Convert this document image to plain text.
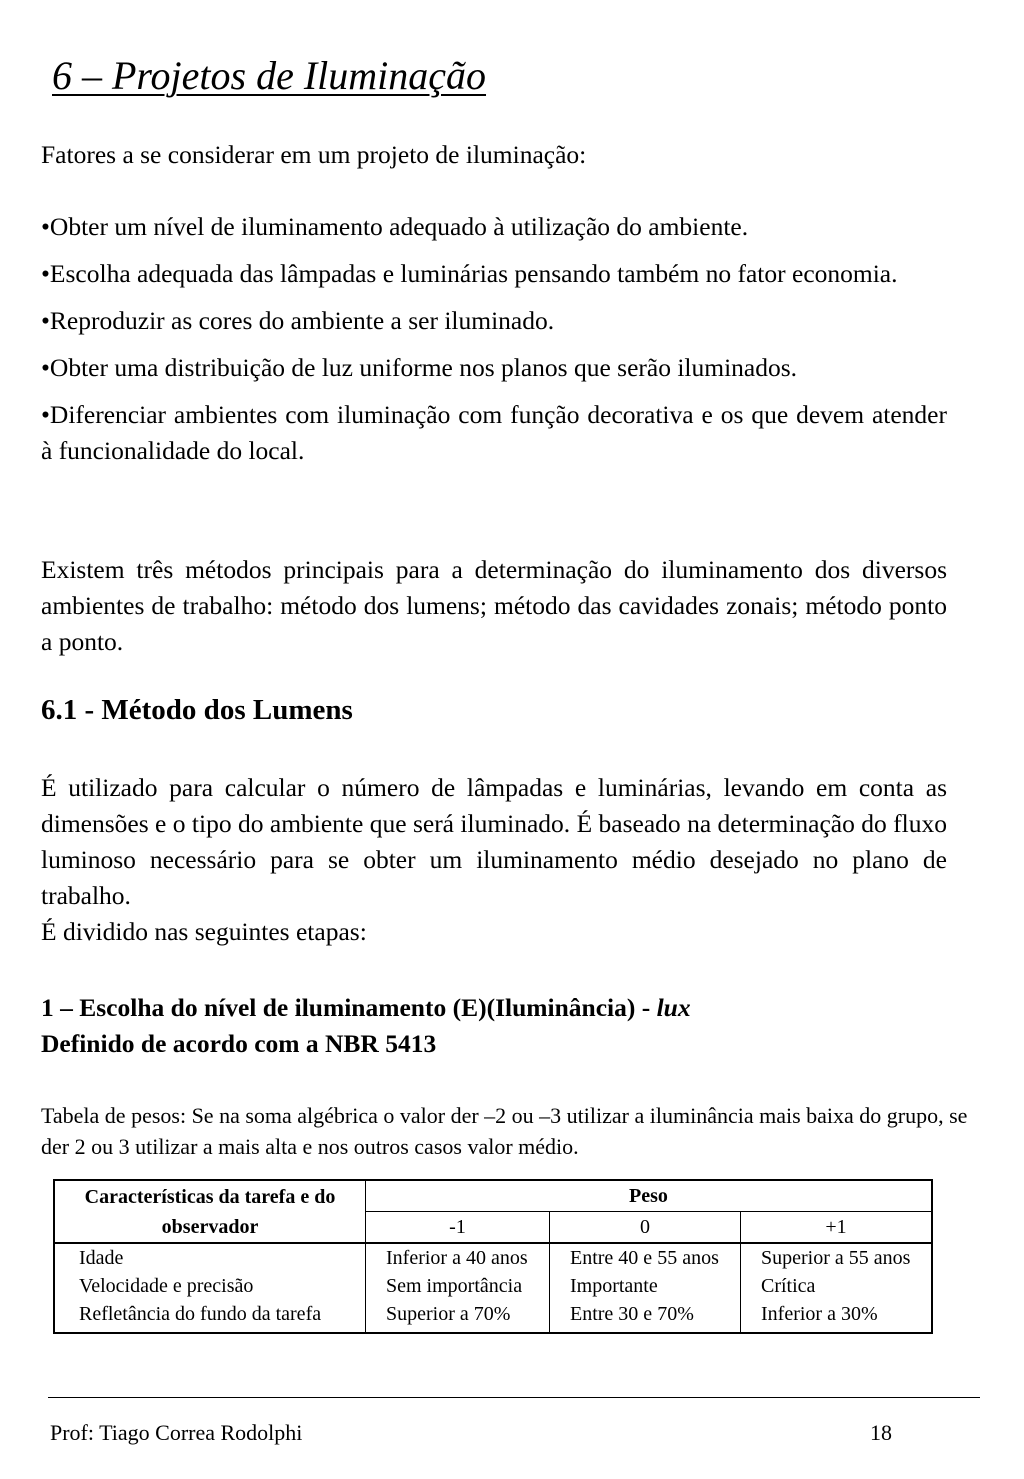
6 – Projetos de Iluminação

Fatores a se considerar em um projeto de iluminação:

•Obter um nível de iluminamento adequado à utilização do ambiente.

•Escolha adequada das lâmpadas e luminárias pensando também no fator economia.

•Reproduzir as cores do ambiente a ser iluminado.

•Obter uma distribuição de luz uniforme nos planos que serão iluminados.

•Diferenciar ambientes com iluminação com função decorativa e os que devem atender à funcionalidade do local.

Existem três métodos principais para a determinação do iluminamento dos diversos ambientes de trabalho: método dos lumens; método das cavidades zonais; método ponto a ponto.

6.1 - Método dos Lumens

É utilizado para calcular o número de lâmpadas e luminárias, levando em conta as dimensões e o tipo do ambiente que será iluminado. É baseado na determinação do fluxo luminoso necessário para se obter um iluminamento médio desejado no plano de trabalho.

É dividido nas seguintes etapas:

1 – Escolha do nível de iluminamento (E)(Iluminância) - lux
Definido de acordo com a NBR 5413

Tabela de pesos: Se na soma algébrica o valor der –2 ou –3 utilizar a iluminância mais baixa do grupo, se der 2 ou 3 utilizar a mais alta e nos outros casos valor médio.

Características da tarefa e do observador	Peso		
	-1	0	+1
Idade	Inferior a 40 anos	Entre 40 e 55 anos	Superior a 55 anos
Velocidade e precisão	Sem importância	Importante	Crítica
Refletância do fundo da tarefa	Superior a 70%	Entre 30 e 70%	Inferior a 30%

Prof: Tiago Correa Rodolphi	18
